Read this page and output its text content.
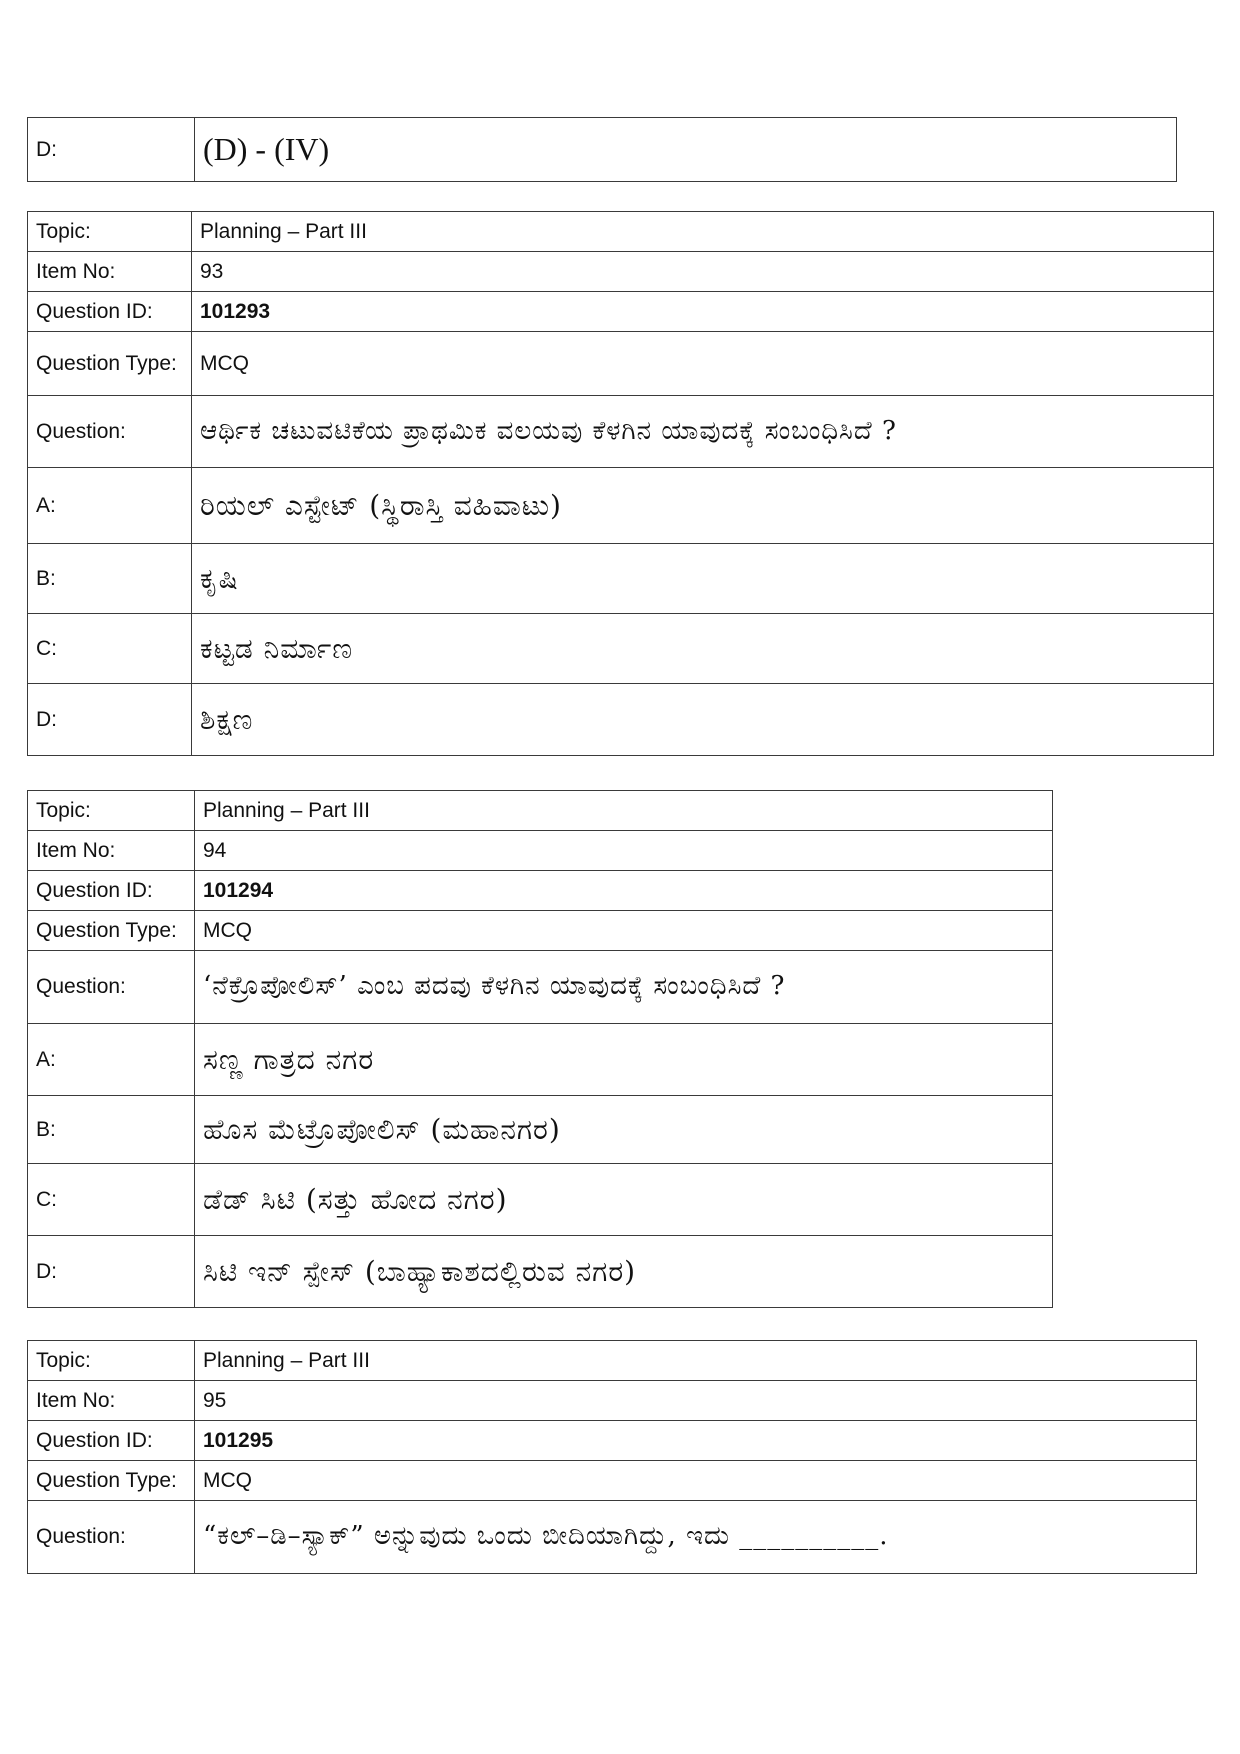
D:	(D) - (IV)
Topic:	Planning – Part III
Item No:	93
Question ID:	101293
Question Type:	MCQ
Question:	ಆರ್ಥಿಕ ಚಟುವಟಿಕೆಯ ಪ್ರಾಥಮಿಕ ವಲಯವು ಕೆಳಗಿನ ಯಾವುದಕ್ಕೆ ಸಂಬಂಧಿಸಿದೆ ?
A:	ರಿಯಲ್ ಎಸ್ಟೇಟ್ (ಸ್ಥಿರಾಸ್ತಿ ವಹಿವಾಟು)
B:	ಕೃಷಿ
C:	ಕಟ್ಟಡ ನಿರ್ಮಾಣ
D:	ಶಿಕ್ಷಣ
Topic:	Planning – Part III
Item No:	94
Question ID:	101294
Question Type:	MCQ
Question:	‘ನೆಕ್ರೊಪೋಲಿಸ್’ ಎಂಬ ಪದವು ಕೆಳಗಿನ ಯಾವುದಕ್ಕೆ ಸಂಬಂಧಿಸಿದೆ ?
A:	ಸಣ್ಣ ಗಾತ್ರದ ನಗರ
B:	ಹೊಸ ಮೆಟ್ರೊಪೋಲಿಸ್ (ಮಹಾನಗರ)
C:	ಡೆಡ್ ಸಿಟಿ (ಸತ್ತು ಹೋದ ನಗರ)
D:	ಸಿಟಿ ಇನ್ ಸ್ಪೇಸ್ (ಬಾಹ್ಯಾಕಾಶದಲ್ಲಿರುವ ನಗರ)
Topic:	Planning – Part III
Item No:	95
Question ID:	101295
Question Type:	MCQ
Question:	“ಕಲ್–ಡಿ–ಸ್ಯಾಕ್” ಅನ್ನುವುದು ಒಂದು ಬೀದಿಯಾಗಿದ್ದು, ಇದು __________.
